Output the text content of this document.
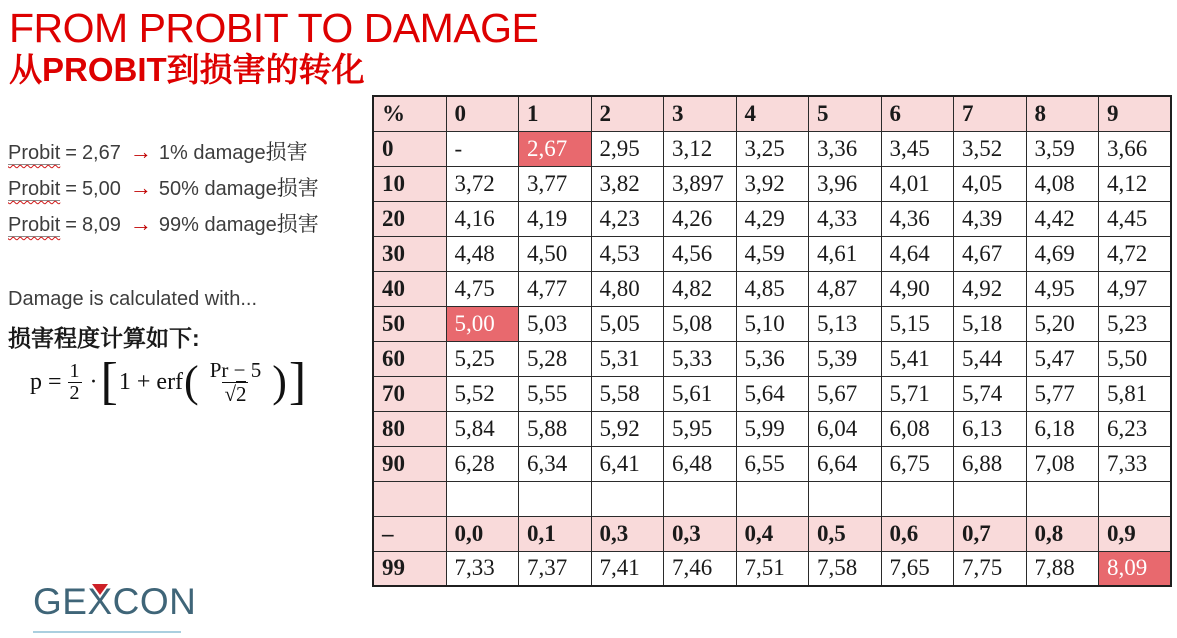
FROM PROBIT TO DAMAGE
从PROBIT到损害的转化
Probit = 2,67 → 1% damage损害
Probit = 5,00 → 50% damage损害
Probit = 8,09 → 99% damage损害
Damage is calculated with...
损害程度计算如下:
$p = \frac{1}{2}$ · [ 1 + erf ( $\frac{Pr - 5}{√2}$ ) ]
%	0	1	2	3	4	5	6	7	8	9
0	-	2,67	2,95	3,12	3,25	3,36	3,45	3,52	3,59	3,66
10	3,72	3,77	3,82	3,897	3,92	3,96	4,01	4,05	4,08	4,12
20	4,16	4,19	4,23	4,26	4,29	4,33	4,36	4,39	4,42	4,45
30	4,48	4,50	4,53	4,56	4,59	4,61	4,64	4,67	4,69	4,72
40	4,75	4,77	4,80	4,82	4,85	4,87	4,90	4,92	4,95	4,97
50	5,00	5,03	5,05	5,08	5,10	5,13	5,15	5,18	5,20	5,23
60	5,25	5,28	5,31	5,33	5,36	5,39	5,41	5,44	5,47	5,50
70	5,52	5,55	5,58	5,61	5,64	5,67	5,71	5,74	5,77	5,81
80	5,84	5,88	5,92	5,95	5,99	6,04	6,08	6,13	6,18	6,23
90	6,28	6,34	6,41	6,48	6,55	6,64	6,75	6,88	7,08	7,33

–	0,0	0,1	0,3	0,3	0,4	0,5	0,6	0,7	0,8	0,9
99	7,33	7,37	7,41	7,46	7,51	7,58	7,65	7,75	7,88	8,09
GEX
CON
